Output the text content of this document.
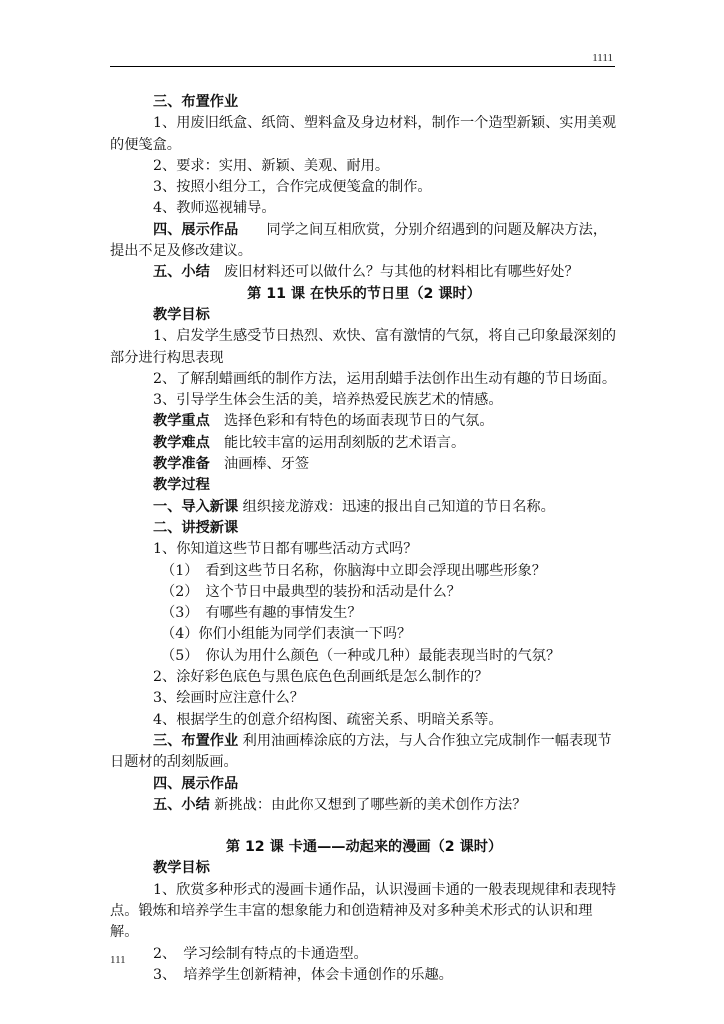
1111

三、布置作业

1、用废旧纸盒、纸筒、塑料盒及身边材料，制作一个造型新颖、实用美观的便笺盒。

2、要求：实用、新颖、美观、耐用。

3、按照小组分工，合作完成便笺盒的制作。

4、教师巡视辅导。

四、展示作品　　同学之间互相欣赏，分别介绍遇到的问题及解决方法，提出不足及修改建议。

五、小结　废旧材料还可以做什么？与其他的材料相比有哪些好处？

第 11 课 在快乐的节日里（2 课时）

教学目标

1、启发学生感受节日热烈、欢快、富有激情的气氛，将自己印象最深刻的部分进行构思表现

2、了解刮蜡画纸的制作方法，运用刮蜡手法创作出生动有趣的节日场面。

3、引导学生体会生活的美，培养热爱民族艺术的情感。

教学重点　选择色彩和有特色的场面表现节日的气氛。

教学难点　能比较丰富的运用刮刻版的艺术语言。

教学准备　油画棒、牙签

教学过程

一、导入新课 组织接龙游戏：迅速的报出自己知道的节日名称。

二、讲授新课

1、你知道这些节日都有哪些活动方式吗？

（1）　看到这些节日名称，你脑海中立即会浮现出哪些形象？

（2）　这个节日中最典型的装扮和活动是什么？

（3）　有哪些有趣的事情发生？

（4）你们小组能为同学们表演一下吗？

（5）　你认为用什么颜色（一种或几种）最能表现当时的气氛？

2、涂好彩色底色与黑色底色色刮画纸是怎么制作的？

3、绘画时应注意什么？

4、根据学生的创意介绍构图、疏密关系、明暗关系等。

三、布置作业 利用油画棒涂底的方法，与人合作独立完成制作一幅表现节日题材的刮刻版画。

四、展示作品

五、小结 新挑战：由此你又想到了哪些新的美术创作方法？

第 12 课 卡通——动起来的漫画（2 课时）

教学目标

1、欣赏多种形式的漫画卡通作品，认识漫画卡通的一般表现规律和表现特点。锻炼和培养学生丰富的想象能力和创造精神及对多种美术形式的认识和理解。

2、　学习绘制有特点的卡通造型。

3、　培养学生创新精神，体会卡通创作的乐趣。

111
